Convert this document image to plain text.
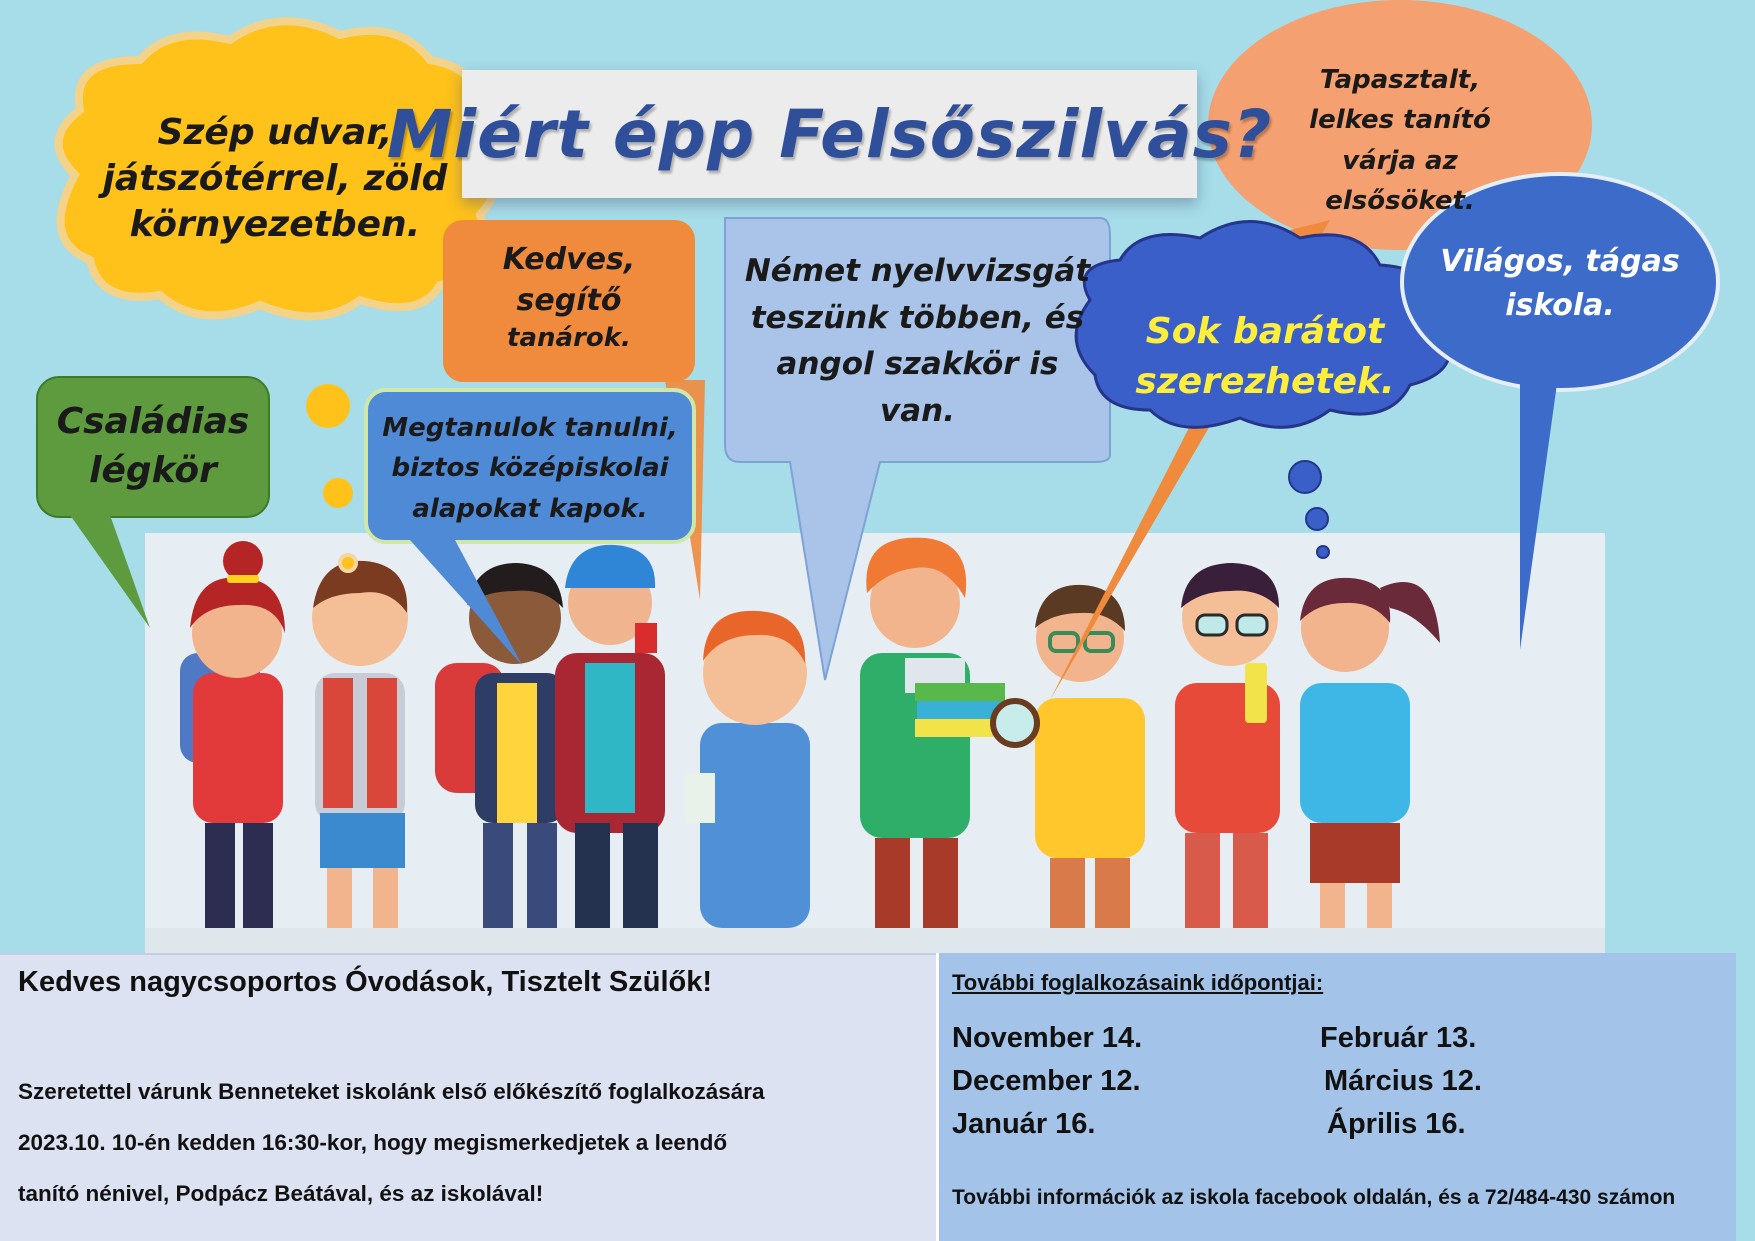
Miért épp Felsőszilvás?
Szép udvar,
játszótérrel, zöld
környezetben.
Kedves,
segítő
tanárok.
Német nyelvvizsgát
teszünk többen, és
angol szakkör is
van.
Tapasztalt,
lelkes tanító
várja az
elsősöket.
Családias
légkör
Megtanulok tanulni,
biztos középiskolai
alapokat kapok.
Sok barátot
szerezhetek.
Világos, tágas
iskola.
Kedves nagycsoportos Óvodások, Tisztelt Szülők!
Szeretettel várunk Benneteket iskolánk első előkészítő foglalkozására
2023.10. 10-én kedden 16:30-kor, hogy megismerkedjetek a leendő
tanító nénivel, Podpácz Beátával, és az iskolával!
További foglalkozásaink időpontjai:
November 14.
December 12.
Január 16.
Február 13.
Március 12.
Április 16.
További információk az iskola facebook oldalán, és a 72/484-430 számon
